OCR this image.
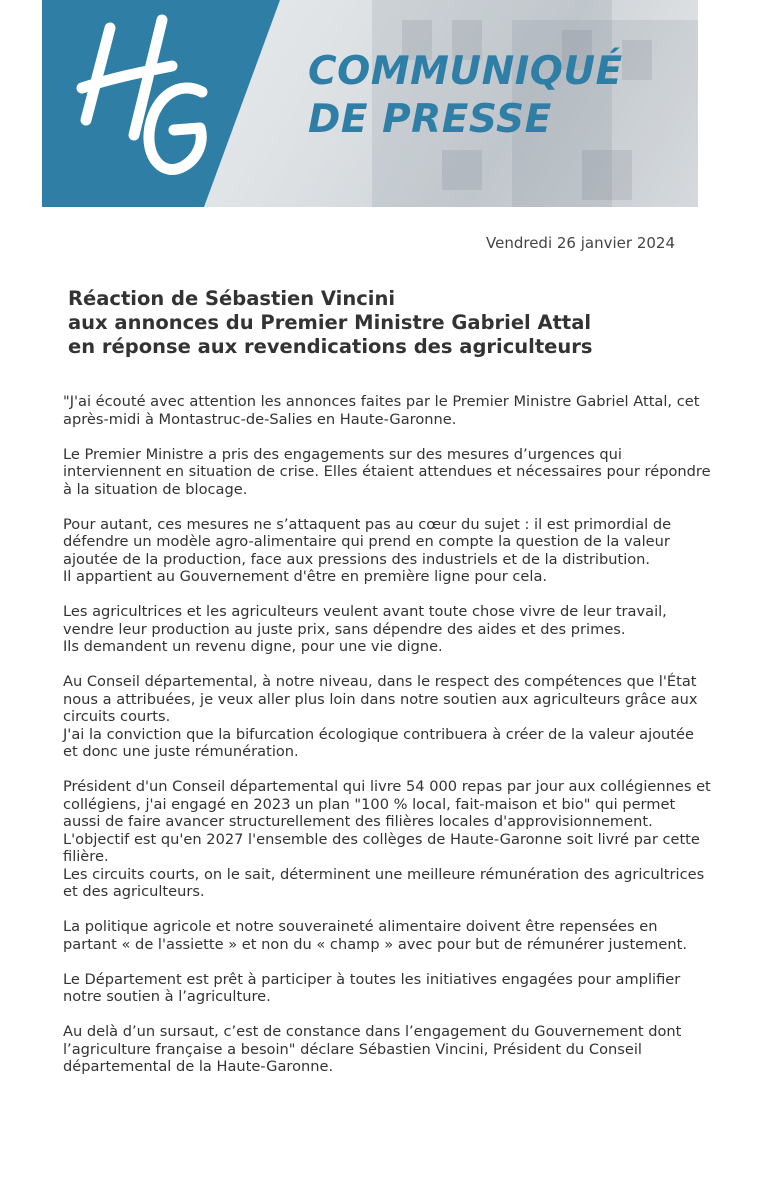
COMMUNIQUÉ
DE PRESSE
Vendredi 26 janvier 2024
Réaction de Sébastien Vincini
aux annonces du Premier Ministre Gabriel Attal
en réponse aux revendications des agriculteurs

"J'ai écouté avec attention les annonces faites par le Premier Ministre Gabriel Attal, cet après-midi à Montastruc-de-Salies en Haute-Garonne.

Le Premier Ministre a pris des engagements sur des mesures d’urgences qui interviennent en situation de crise. Elles étaient attendues et nécessaires pour répondre à la situation de blocage.

Pour autant, ces mesures ne s’attaquent pas au cœur du sujet : il est primordial de défendre un modèle agro-alimentaire qui prend en compte la question de la valeur ajoutée de la production, face aux pressions des industriels et de la distribution.
Il appartient au Gouvernement d'être en première ligne pour cela.

Les agricultrices et les agriculteurs veulent avant toute chose vivre de leur travail, vendre leur production au juste prix, sans dépendre des aides et des primes.
Ils demandent un revenu digne, pour une vie digne.

Au Conseil départemental, à notre niveau, dans le respect des compétences que l'État nous a attribuées, je veux aller plus loin dans notre soutien aux agriculteurs grâce aux circuits courts.
J'ai la conviction que la bifurcation écologique contribuera à créer de la valeur ajoutée et donc une juste rémunération.

Président d'un Conseil départemental qui livre 54 000 repas par jour aux collégiennes et collégiens, j'ai engagé en 2023 un plan "100 % local, fait-maison et bio" qui permet aussi de faire avancer structurellement des filières locales d'approvisionnement.
L'objectif est qu'en 2027 l'ensemble des collèges de Haute-Garonne soit livré par cette filière.
Les circuits courts, on le sait, déterminent une meilleure rémunération des agricultrices et des agriculteurs.

La politique agricole et notre souveraineté alimentaire doivent être repensées en partant « de l'assiette » et non du « champ » avec pour but de rémunérer justement.

Le Département est prêt à participer à toutes les initiatives engagées pour amplifier notre soutien à l’agriculture.

Au delà d’un sursaut, c’est de constance dans l’engagement du Gouvernement dont l’agriculture française a besoin" déclare Sébastien Vincini, Président du Conseil départemental de la Haute-Garonne.
